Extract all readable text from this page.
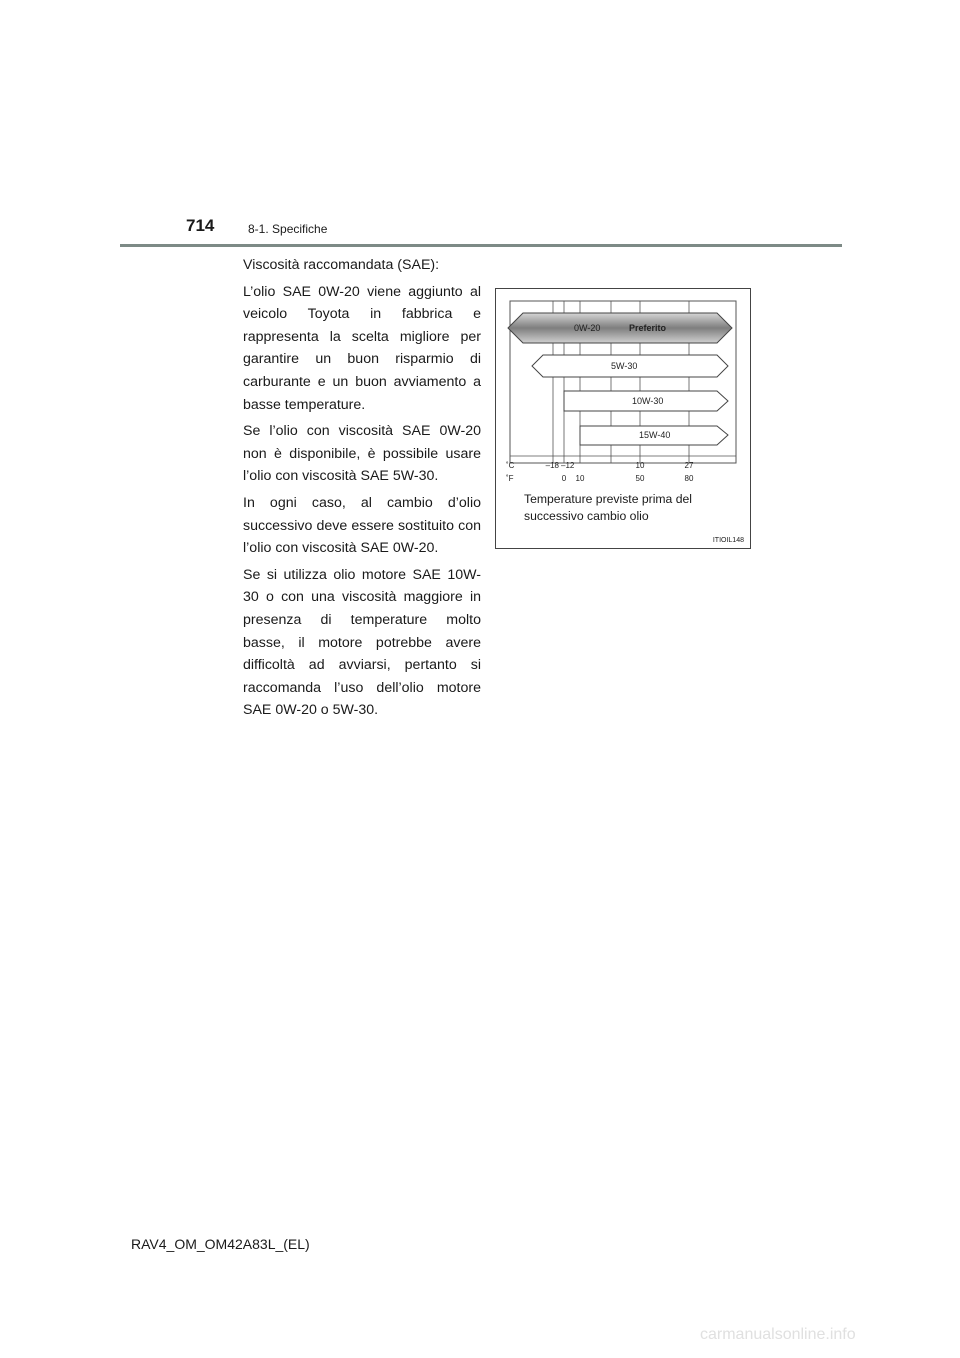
714	8-1. Specifiche

Viscosità raccomandata (SAE):

L’olio SAE 0W-20 viene aggiunto al veicolo Toyota in fabbrica e rappresenta la scelta migliore per garantire un buon risparmio di carburante e un buon avviamento a basse temperature.

Se l’olio con viscosità SAE 0W-20 non è disponibile, è possibile usare l’olio con viscosità SAE 5W-30.

In ogni caso, al cambio d’olio successivo deve essere sostituito con l’olio con viscosità SAE 0W-20.

Se si utilizza olio motore SAE 10W-30 o con una viscosità maggiore in presenza di temperature molto basse, il motore potrebbe avere difficoltà ad avviarsi, pertanto si raccomanda l’uso dell’olio motore SAE 0W-20 o 5W-30.

0W-20	Preferito
5W-30
10W-30
15W-40
˚C
˚F
–18 –12	10	27
0 10	50	80
Temperature previste prima del successivo cambio olio
ITIOIL148
RAV4_OM_OM42A83L_(EL)
carmanualsonline.info
